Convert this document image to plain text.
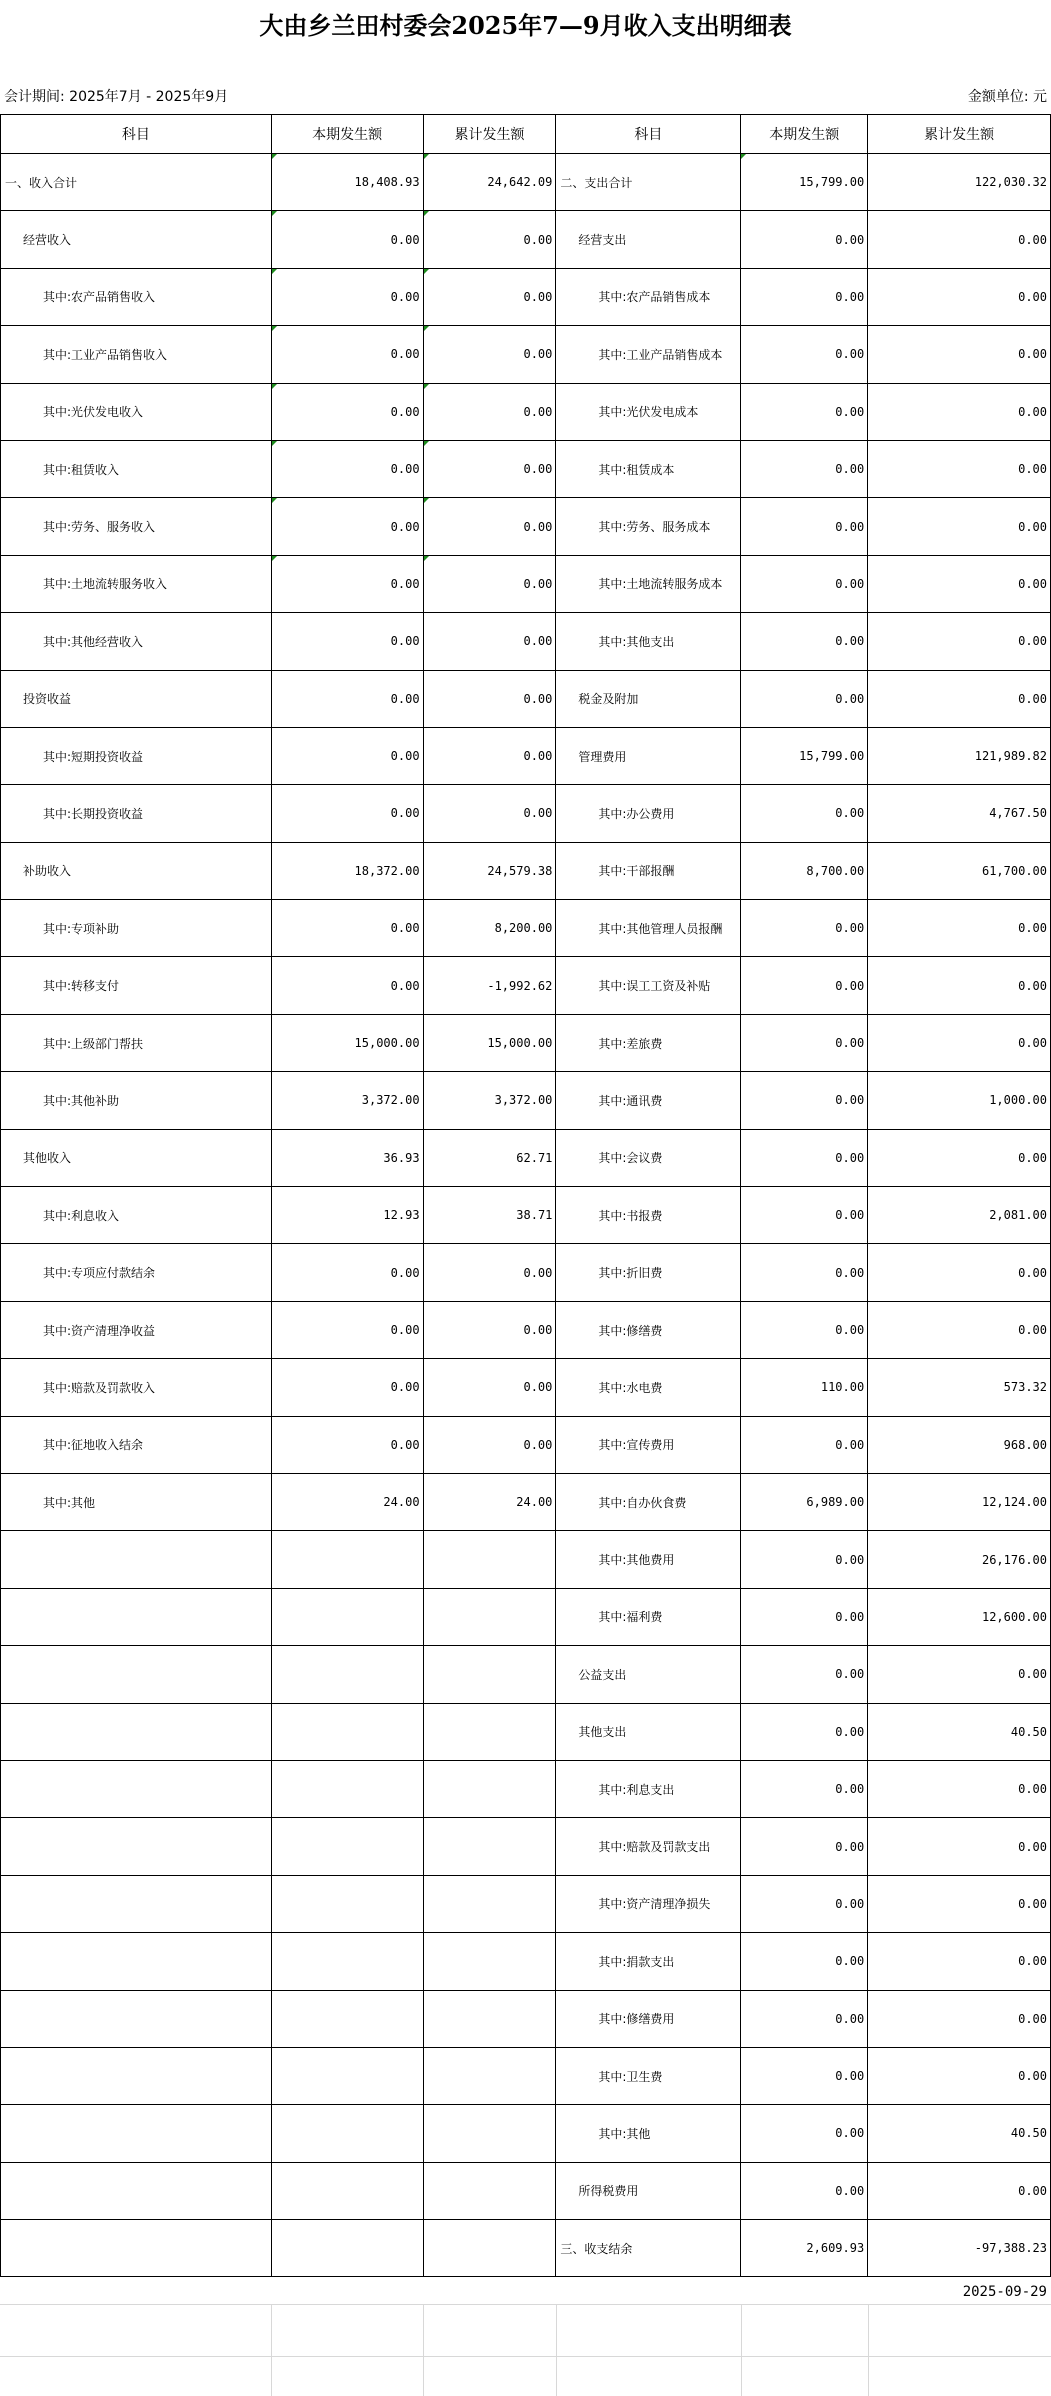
大由乡兰田村委会2025年7—9月收入支出明细表
会计期间: 2025年7月 - 2025年9月	金额单位: 元
科目	本期发生额	累计发生额	科目	本期发生额	累计发生额
一、收入合计	18,408.93	24,642.09	二、支出合计	15,799.00	122,030.32
经营收入	0.00	0.00	经营支出	0.00	0.00
其中:农产品销售收入	0.00	0.00	其中:农产品销售成本	0.00	0.00
其中:工业产品销售收入	0.00	0.00	其中:工业产品销售成本	0.00	0.00
其中:光伏发电收入	0.00	0.00	其中:光伏发电成本	0.00	0.00
其中:租赁收入	0.00	0.00	其中:租赁成本	0.00	0.00
其中:劳务、服务收入	0.00	0.00	其中:劳务、服务成本	0.00	0.00
其中:土地流转服务收入	0.00	0.00	其中:土地流转服务成本	0.00	0.00
其中:其他经营收入	0.00	0.00	其中:其他支出	0.00	0.00
投资收益	0.00	0.00	税金及附加	0.00	0.00
其中:短期投资收益	0.00	0.00	管理费用	15,799.00	121,989.82
其中:长期投资收益	0.00	0.00	其中:办公费用	0.00	4,767.50
补助收入	18,372.00	24,579.38	其中:干部报酬	8,700.00	61,700.00
其中:专项补助	0.00	8,200.00	其中:其他管理人员报酬	0.00	0.00
其中:转移支付	0.00	-1,992.62	其中:误工工资及补贴	0.00	0.00
其中:上级部门帮扶	15,000.00	15,000.00	其中:差旅费	0.00	0.00
其中:其他补助	3,372.00	3,372.00	其中:通讯费	0.00	1,000.00
其他收入	36.93	62.71	其中:会议费	0.00	0.00
其中:利息收入	12.93	38.71	其中:书报费	0.00	2,081.00
其中:专项应付款结余	0.00	0.00	其中:折旧费	0.00	0.00
其中:资产清理净收益	0.00	0.00	其中:修缮费	0.00	0.00
其中:赔款及罚款收入	0.00	0.00	其中:水电费	110.00	573.32
其中:征地收入结余	0.00	0.00	其中:宣传费用	0.00	968.00
其中:其他	24.00	24.00	其中:自办伙食费	6,989.00	12,124.00
			其中:其他费用	0.00	26,176.00
			其中:福利费	0.00	12,600.00
			公益支出	0.00	0.00
			其他支出	0.00	40.50
			其中:利息支出	0.00	0.00
			其中:赔款及罚款支出	0.00	0.00
			其中:资产清理净损失	0.00	0.00
			其中:捐款支出	0.00	0.00
			其中:修缮费用	0.00	0.00
			其中:卫生费	0.00	0.00
			其中:其他	0.00	40.50
			所得税费用	0.00	0.00
			三、收支结余	2,609.93	-97,388.23
2025-09-29
